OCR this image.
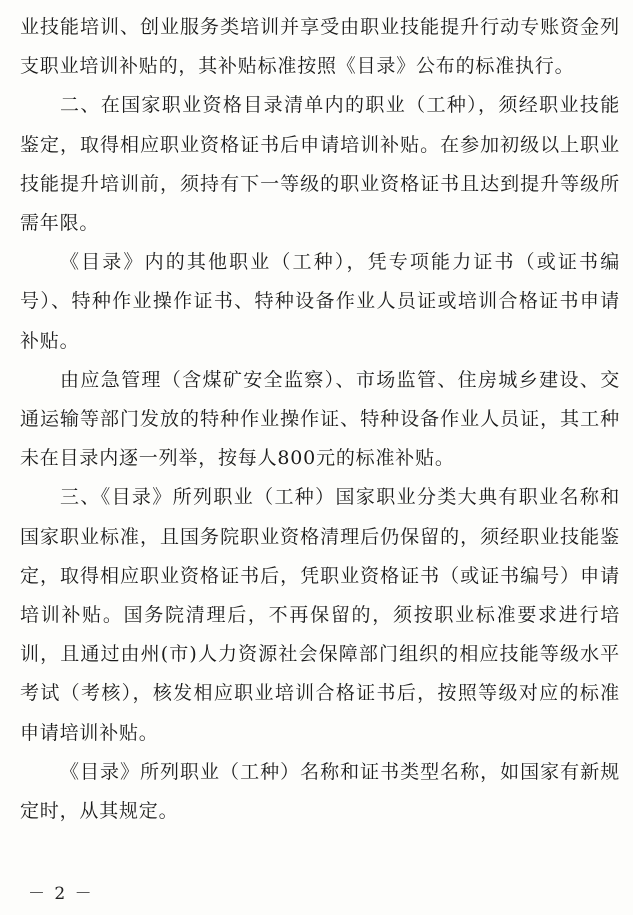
业技能培训、创业服务类培训并享受由职业技能提升行动专账资金列支职业培训补贴的，其补贴标准按照《目录》公布的标准执行。

二、在国家职业资格目录清单内的职业（工种），须经职业技能鉴定，取得相应职业资格证书后申请培训补贴。在参加初级以上职业技能提升培训前，须持有下一等级的职业资格证书且达到提升等级所需年限。

《目录》内的其他职业（工种），凭专项能力证书（或证书编号）、特种作业操作证书、特种设备作业人员证或培训合格证书申请补贴。

由应急管理（含煤矿安全监察）、市场监管、住房城乡建设、交通运输等部门发放的特种作业操作证、特种设备作业人员证，其工种未在目录内逐一列举，按每人800元的标准补贴。

三、《目录》所列职业（工种）国家职业分类大典有职业名称和国家职业标准，且国务院职业资格清理后仍保留的，须经职业技能鉴定，取得相应职业资格证书后，凭职业资格证书（或证书编号）申请培训补贴。国务院清理后，不再保留的，须按职业标准要求进行培训，且通过由州(市)人力资源社会保障部门组织的相应技能等级水平考试（考核），核发相应职业培训合格证书后，按照等级对应的标准申请培训补贴。

《目录》所列职业（工种）名称和证书类型名称，如国家有新规定时，从其规定。

－ 2 －
